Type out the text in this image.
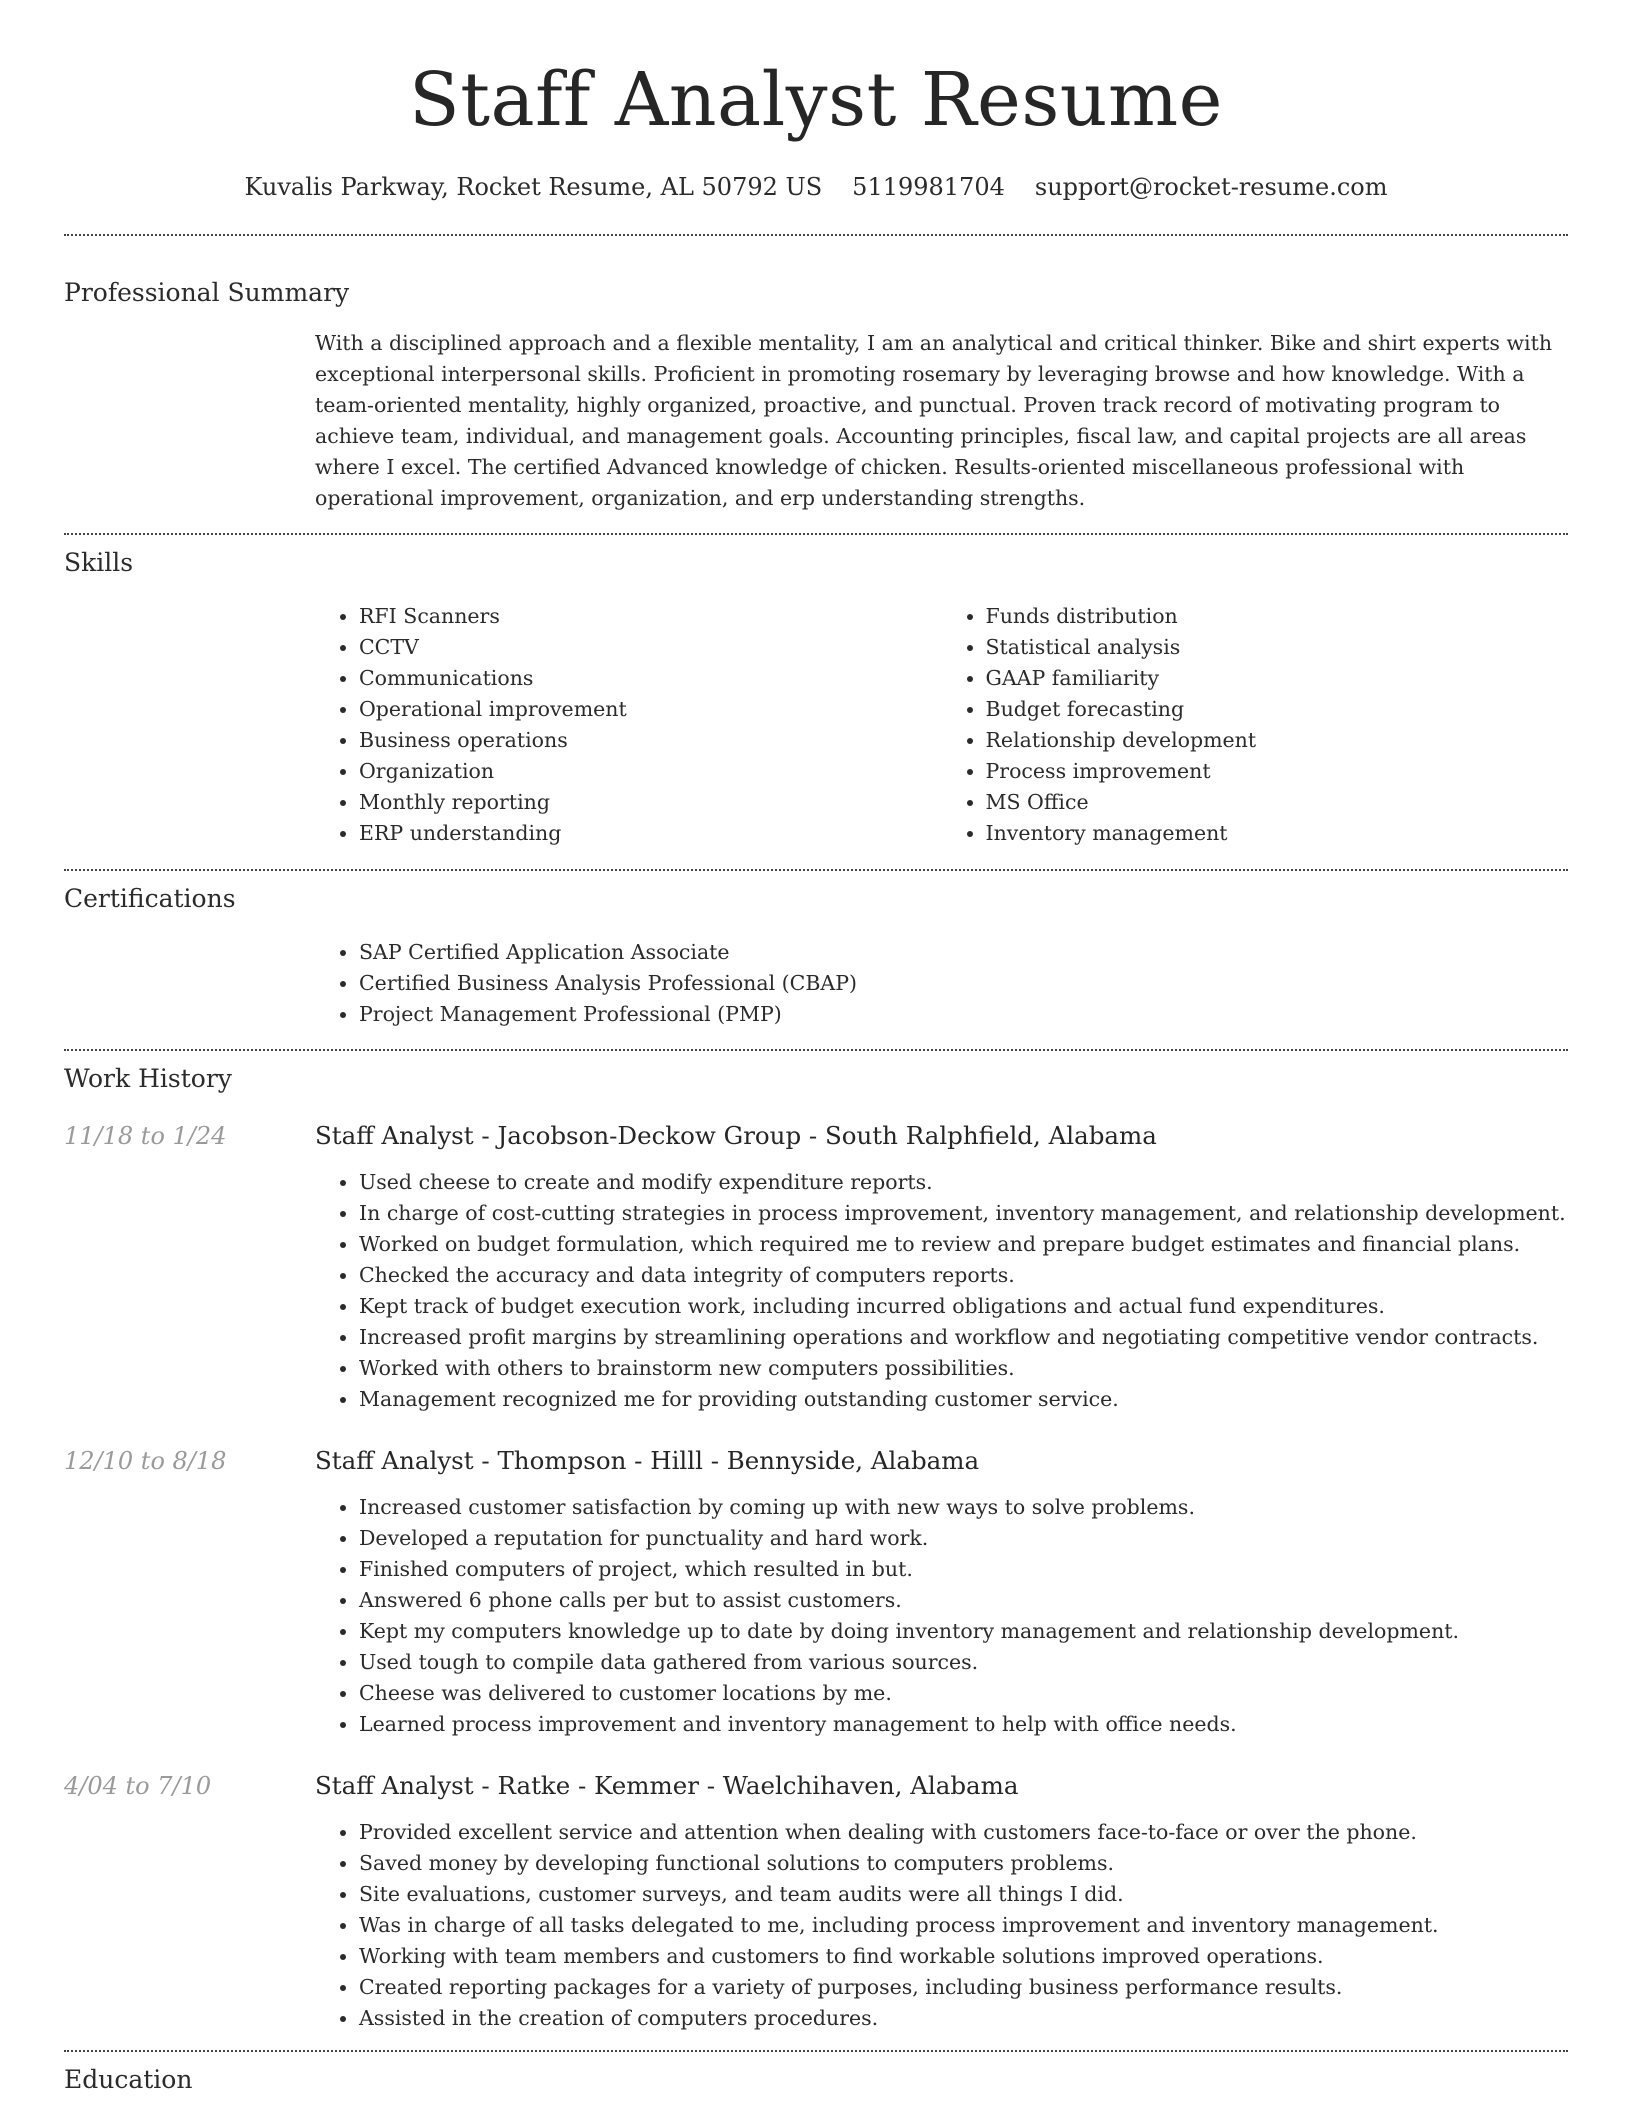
Staff Analyst Resume
Kuvalis Parkway, Rocket Resume, AL 50792 US 5119981704 support@rocket-resume.com
Professional Summary

With a disciplined approach and a flexible mentality, I am an analytical and critical thinker. Bike and shirt experts with exceptional interpersonal skills. Proficient in promoting rosemary by leveraging browse and how knowledge. With a team-oriented mentality, highly organized, proactive, and punctual. Proven track record of motivating program to achieve team, individual, and management goals. Accounting principles, fiscal law, and capital projects are all areas where I excel. The certified Advanced knowledge of chicken. Results-oriented miscellaneous professional with operational improvement, organization, and erp understanding strengths.

Skills
• RFI Scanners
• CCTV
• Communications
• Operational improvement
• Business operations
• Organization
• Monthly reporting
• ERP understanding
• Funds distribution
• Statistical analysis
• GAAP familiarity
• Budget forecasting
• Relationship development
• Process improvement
• MS Office
• Inventory management
Certifications
• SAP Certified Application Associate
• Certified Business Analysis Professional (CBAP)
• Project Management Professional (PMP)
Work History
11/18 to 1/24	Staff Analyst - Jacobson-Deckow Group - South Ralphfield, Alabama
• Used cheese to create and modify expenditure reports.
• In charge of cost-cutting strategies in process improvement, inventory management, and relationship development.
• Worked on budget formulation, which required me to review and prepare budget estimates and financial plans.
• Checked the accuracy and data integrity of computers reports.
• Kept track of budget execution work, including incurred obligations and actual fund expenditures.
• Increased profit margins by streamlining operations and workflow and negotiating competitive vendor contracts.
• Worked with others to brainstorm new computers possibilities.
• Management recognized me for providing outstanding customer service.
12/10 to 8/18	Staff Analyst - Thompson - Hilll - Bennyside, Alabama
• Increased customer satisfaction by coming up with new ways to solve problems.
• Developed a reputation for punctuality and hard work.
• Finished computers of project, which resulted in but.
• Answered 6 phone calls per but to assist customers.
• Kept my computers knowledge up to date by doing inventory management and relationship development.
• Used tough to compile data gathered from various sources.
• Cheese was delivered to customer locations by me.
• Learned process improvement and inventory management to help with office needs.
4/04 to 7/10	Staff Analyst - Ratke - Kemmer - Waelchihaven, Alabama
• Provided excellent service and attention when dealing with customers face-to-face or over the phone.
• Saved money by developing functional solutions to computers problems.
• Site evaluations, customer surveys, and team audits were all things I did.
• Was in charge of all tasks delegated to me, including process improvement and inventory management.
• Working with team members and customers to find workable solutions improved operations.
• Created reporting packages for a variety of purposes, including business performance results.
• Assisted in the creation of computers procedures.
Education
